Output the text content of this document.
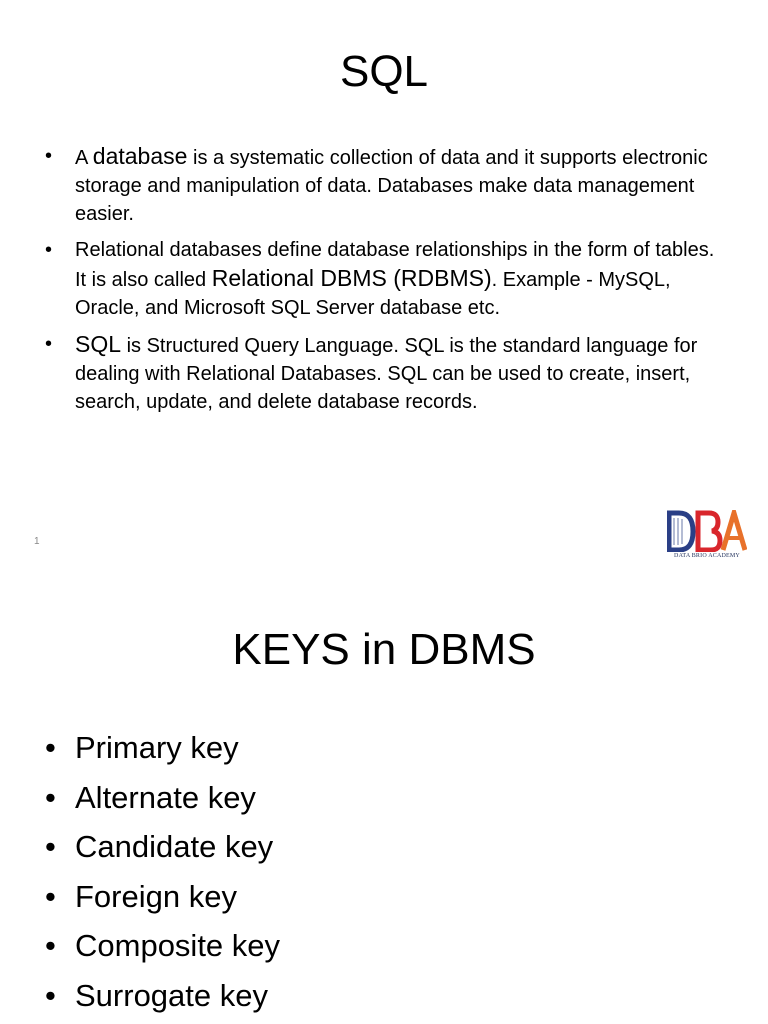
SQL
• A database is a systematic collection of data and it supports electronic storage and manipulation of data. Databases make data management easier.
• Relational databases define database relationships in the form of tables. It is also called Relational DBMS (RDBMS). Example - MySQL, Oracle, and Microsoft SQL Server database etc.
• SQL is Structured Query Language. SQL is the standard language for dealing with Relational Databases. SQL can be used to create, insert, search, update, and delete database records.
1
DATA BRIO ACADEMY
KEYS in DBMS
• Primary key
• Alternate key
• Candidate key
• Foreign key
• Composite key
• Surrogate key
